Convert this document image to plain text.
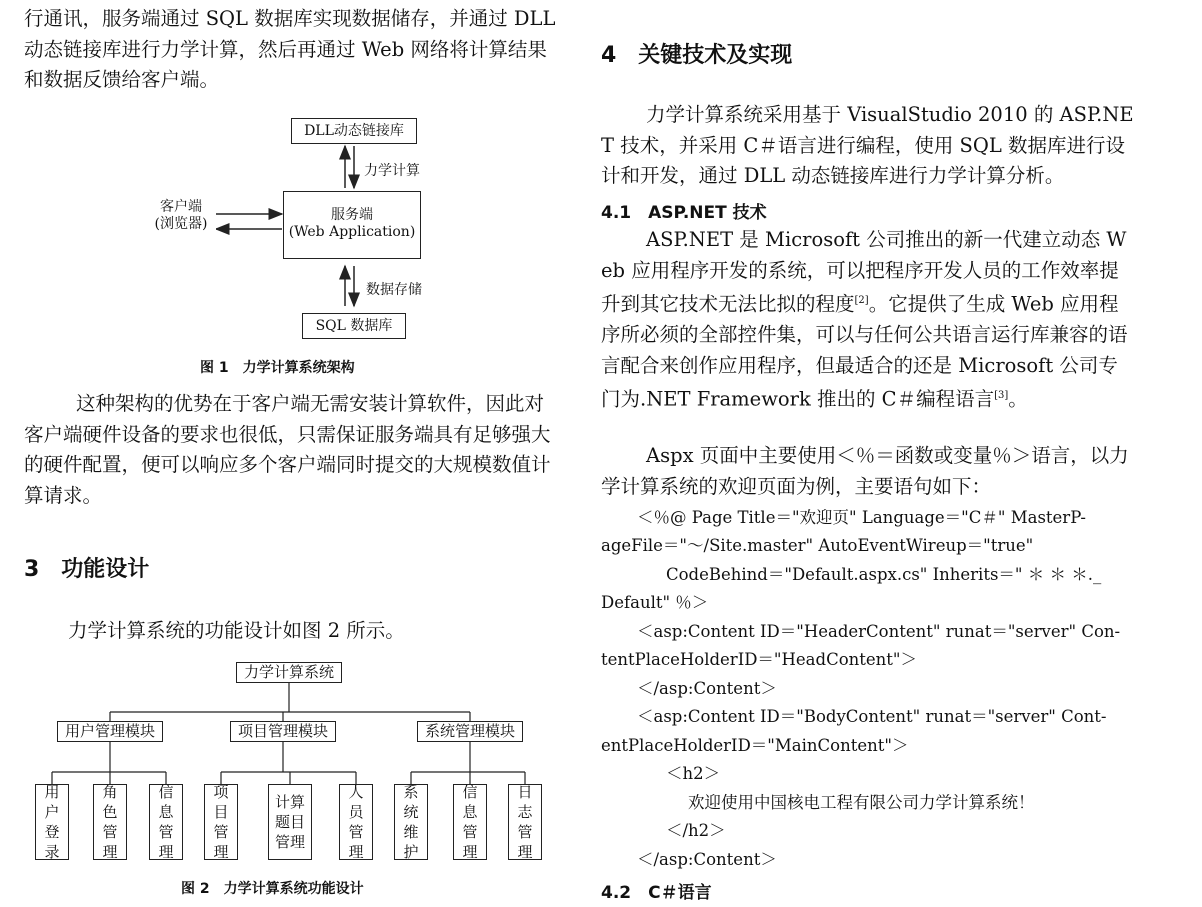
行通讯，服务端通过 SQL 数据库实现数据储存，并通过 DLL 动态链接库进行力学计算，然后再通过 Web 网络将计算结果和数据反馈给客户端。

DLL动态链接库
力学计算
客户端
(浏览器)
服务端
(Web Application)
数据存储
SQL 数据库
图 1　力学计算系统架构

这种架构的优势在于客户端无需安装计算软件，因此对客户端硬件设备的要求也很低，只需保证服务端具有足够强大的硬件配置，便可以响应多个客户端同时提交的大规模数值计算请求。

3　功能设计

力学计算系统的功能设计如图 2 所示。

力学计算系统
用户管理模块	项目管理模块	系统管理模块
用户登录
角色管理
信息管理
项目管理
计算题目管理
人员管理
系统维护
信息管理
日志管理
图 2　力学计算系统功能设计
4　关键技术及实现

力学计算系统采用基于 VisualStudio 2010 的 ASP.NET 技术，并采用 C＃语言进行编程，使用 SQL 数据库进行设计和开发，通过 DLL 动态链接库进行力学计算分析。

4.1　ASP.NET 技术

ASP.NET 是 Microsoft 公司推出的新一代建立动态 Web 应用程序开发的系统，可以把程序开发人员的工作效率提升到其它技术无法比拟的程度[2]。它提供了生成 Web 应用程序所必须的全部控件集，可以与任何公共语言运行库兼容的语言配合来创作应用程序，但最适合的还是 Microsoft 公司专门为.NET Framework 推出的 C＃编程语言[3]。

Aspx 页面中主要使用＜％＝函数或变量％＞语言，以力学计算系统的欢迎页面为例，主要语句如下：

＜％@ Page Title＝"欢迎页" Language＝"C＃" MasterP-
ageFile＝"～/Site.master" AutoEventWireup＝"true"
CodeBehind＝"Default.aspx.cs" Inherits＝" ＊ ＊ ＊._
Default" ％＞
＜asp:Content ID＝"HeaderContent" runat＝"server" Con-
tentPlaceHolderID＝"HeadContent"＞
＜/asp:Content＞
＜asp:Content ID＝"BodyContent" runat＝"server" Cont-
entPlaceHolderID＝"MainContent"＞
＜h2＞
欢迎使用中国核电工程有限公司力学计算系统！
＜/h2＞
＜/asp:Content＞
4.2　C＃语言
